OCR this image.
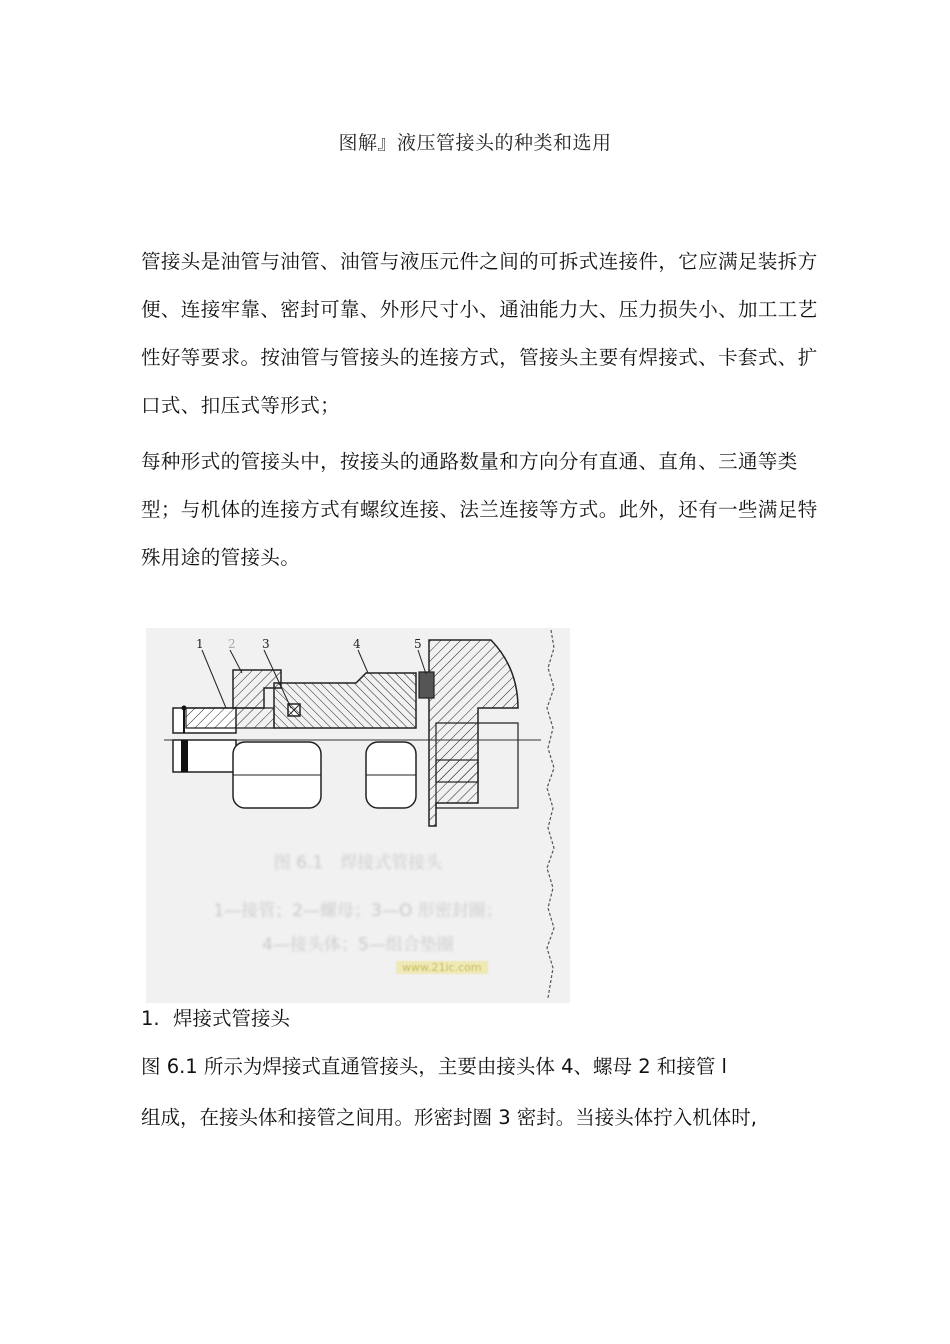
图解』液压管接头的种类和选用

管接头是油管与油管、油管与液压元件之间的可拆式连接件，它应满足装拆方便、连接牢靠、密封可靠、外形尺寸小、通油能力大、压力损失小、加工工艺性好等要求。按油管与管接头的连接方式，管接头主要有焊接式、卡套式、扩口式、扣压式等形式；

每种形式的管接头中，按接头的通路数量和方向分有直通、直角、三通等类型；与机体的连接方式有螺纹连接、法兰连接等方式。此外，还有一些满足特殊用途的管接头。

1 2 3	4	5
图 6.1　焊接式管接头
1—接管；2—螺母；3—O 形密封圈；
4—接头体；5—组合垫圈
www.21ic.com
1. 焊接式管接头
图 6.1 所示为焊接式直通管接头，主要由接头体 4、螺母 2 和接管 l
组成，在接头体和接管之间用。形密封圈 3 密封。当接头体拧入机体时,
